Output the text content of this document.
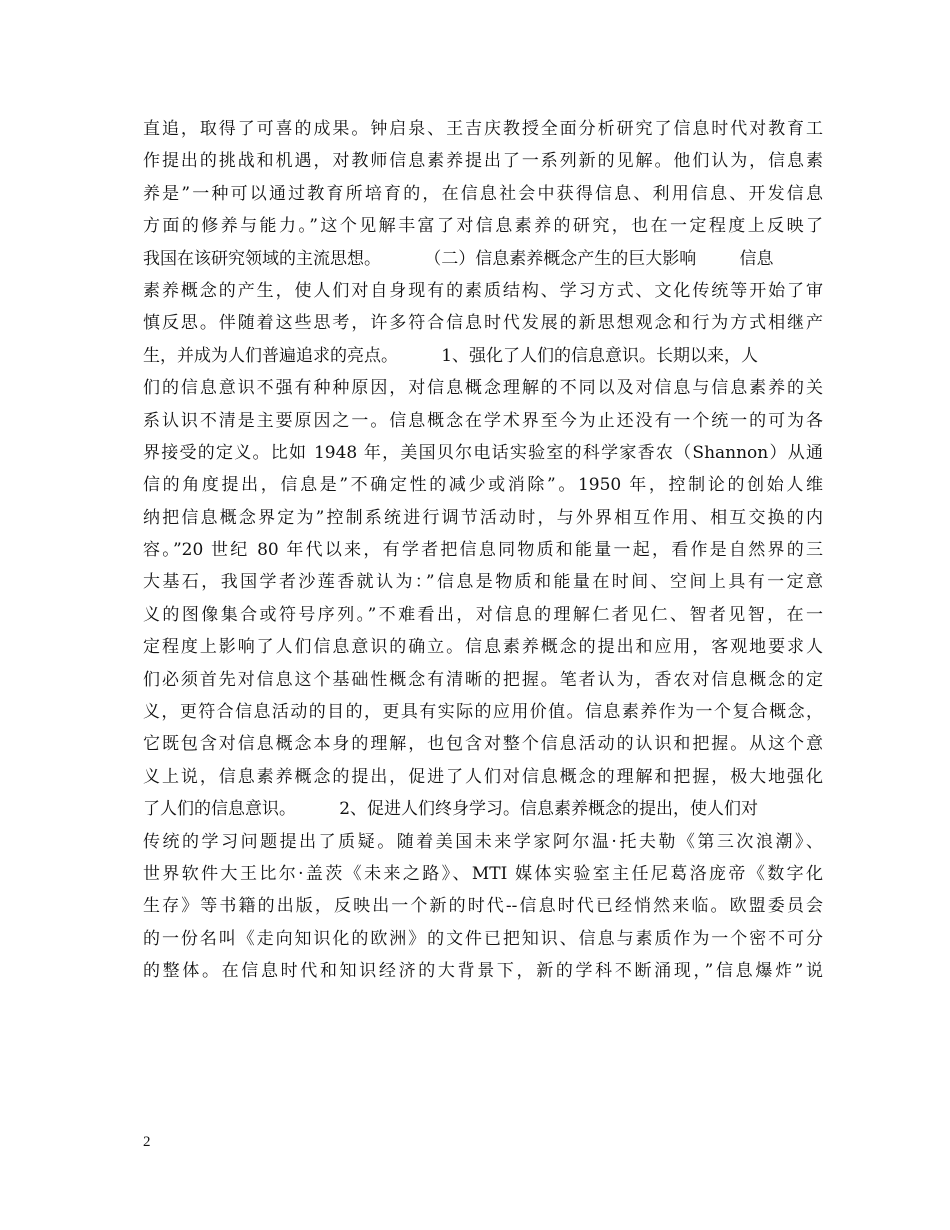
直追，取得了可喜的成果。钟启泉、王吉庆教授全面分析研究了信息时代对教育工
作提出的挑战和机遇，对教师信息素养提出了一系列新的见解。他们认为，信息素
养是”一种可以通过教育所培育的，在信息社会中获得信息、利用信息、开发信息
方面的修养与能力。”这个见解丰富了对信息素养的研究，也在一定程度上反映了
我国在该研究领域的主流思想。        （二）信息素养概念产生的巨大影响        信息
素养概念的产生，使人们对自身现有的素质结构、学习方式、文化传统等开始了审
慎反思。伴随着这些思考，许多符合信息时代发展的新思想观念和行为方式相继产
生，并成为人们普遍追求的亮点。        1、强化了人们的信息意识。长期以来，人
们的信息意识不强有种种原因，对信息概念理解的不同以及对信息与信息素养的关
系认识不清是主要原因之一。信息概念在学术界至今为止还没有一个统一的可为各
界接受的定义。比如 1948 年，美国贝尔电话实验室的科学家香农（Shannon）从通
信的角度提出，信息是”不确定性的减少或消除”。1950 年，控制论的创始人维
纳把信息概念界定为”控制系统进行调节活动时，与外界相互作用、相互交换的内
容。”20 世纪 80 年代以来，有学者把信息同物质和能量一起，看作是自然界的三
大基石，我国学者沙莲香就认为：”信息是物质和能量在时间、空间上具有一定意
义的图像集合或符号序列。”不难看出，对信息的理解仁者见仁、智者见智，在一
定程度上影响了人们信息意识的确立。信息素养概念的提出和应用，客观地要求人
们必须首先对信息这个基础性概念有清晰的把握。笔者认为，香农对信息概念的定
义，更符合信息活动的目的，更具有实际的应用价值。信息素养作为一个复合概念，
它既包含对信息概念本身的理解，也包含对整个信息活动的认识和把握。从这个意
义上说，信息素养概念的提出，促进了人们对信息概念的理解和把握，极大地强化
了人们的信息意识。        2、促进人们终身学习。信息素养概念的提出，使人们对
传统的学习问题提出了质疑。随着美国未来学家阿尔温·托夫勒《第三次浪潮》、
世界软件大王比尔·盖茨《未来之路》、MTI 媒体实验室主任尼葛洛庞帝《数字化
生存》等书籍的出版，反映出一个新的时代--信息时代已经悄然来临。欧盟委员会
的一份名叫《走向知识化的欧洲》的文件已把知识、信息与素质作为一个密不可分
的整体。在信息时代和知识经济的大背景下，新的学科不断涌现，”信息爆炸”说
2
